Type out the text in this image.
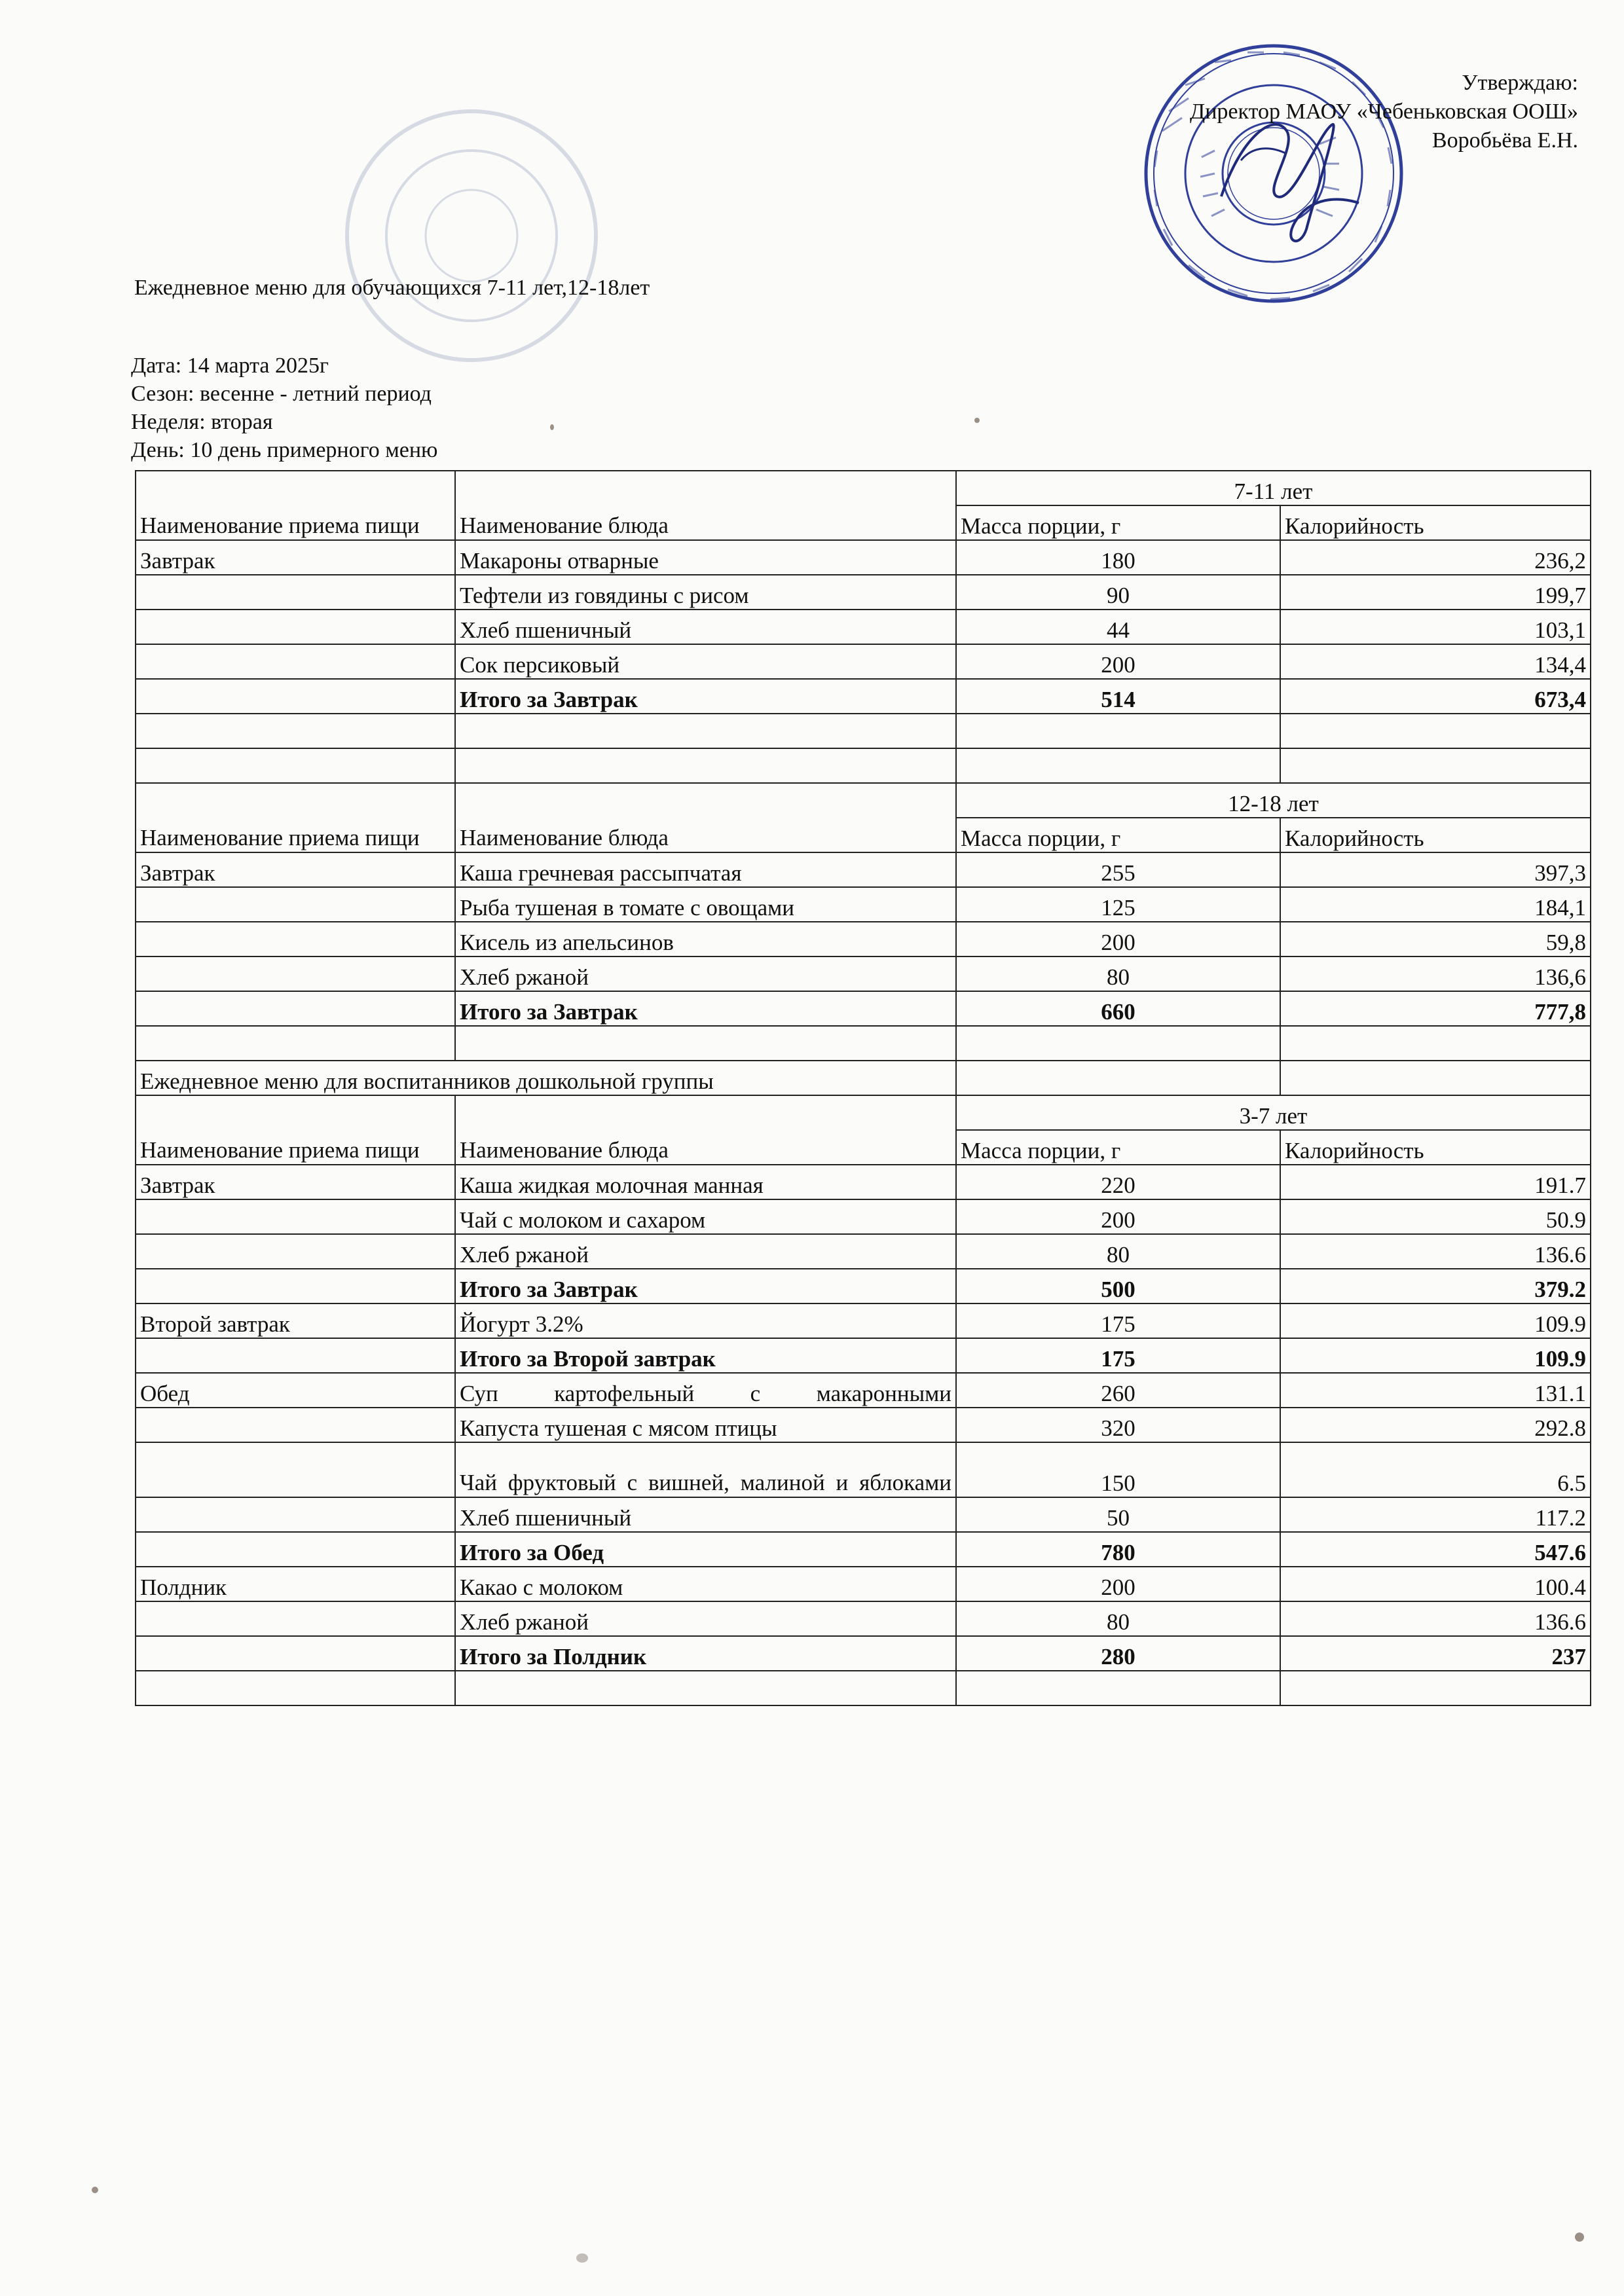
Утверждаю:
Директор МАОУ «Чебеньковская ООШ»
Воробьёва Е.Н.
Ежедневное меню для обучающихся 7-11 лет,12-18лет
Дата: 14 марта 2025г
Сезон: весенне - летний период
Неделя: вторая
День: 10 день примерного меню
Наименование приема пищи	Наименование блюда	7-11 лет	
		Масса порции, г	Калорийность
Завтрак	Макароны отварные	180	236,2
	Тефтели из говядины с рисом	90	199,7
	Хлеб пшеничный	44	103,1
	Сок персиковый	200	134,4
	Итого за Завтрак	514	673,4

Наименование приема пищи	Наименование блюда	12-18 лет	
		Масса порции, г	Калорийность
Завтрак	Каша гречневая рассыпчатая	255	397,3
	Рыба тушеная в томате с овощами	125	184,1
	Кисель из апельсинов	200	59,8
	Хлеб ржаной	80	136,6
	Итого за Завтрак	660	777,8

Ежедневное меню для воспитанников дошкольной группы			
Наименование приема пищи	Наименование блюда	3-7 лет	
		Масса порции, г	Калорийность
Завтрак	Каша жидкая молочная манная	220	191.7
	Чай с молоком и сахаром	200	50.9
	Хлеб ржаной	80	136.6
	Итого за Завтрак	500	379.2
Второй завтрак	Йогурт 3.2%	175	109.9
	Итого за Второй завтрак	175	109.9
Обед	Суп картофельный с макаронными	260	131.1
	Капуста тушеная с мясом птицы	320	292.8
	Чай фруктовый с вишней, малиной и яблоками	150	6.5
	Хлеб пшеничный	50	117.2
	Итого за Обед	780	547.6
Полдник	Какао с молоком	200	100.4
	Хлеб ржаной	80	136.6
	Итого за Полдник	280	237
